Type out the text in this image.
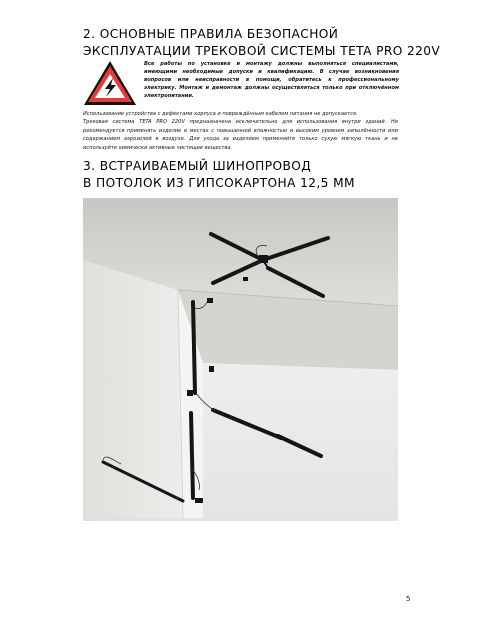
2. ОСНОВНЫЕ ПРАВИЛА БЕЗОПАСНОЙ
ЭКСПЛУАТАЦИИ ТРЕКОВОЙ СИСТЕМЫ TETA PRO 220V
Все работы по установке и монтажу должны выполняться специалистами, имеющими необходимые допуски и квалификацию. В случае возникновения вопросов или неисправности в помощи, обратитесь к профессиональному электрику. Монтаж и демонтаж должны осуществляться только при отключённом электропитании.

Использование устройства с дефектами корпуса и повреждённым кабелем питания не допускается.

Трековая система TETA PRO 220V предназначена исключительно для использования внутри зданий. Не рекомендуется применять изделие в местах с повышенной влажностью и высоким уровнем запылённости или содержанием аэрозолей в воздухе. Для ухода за изделием применяйте только сухую мягкую ткань и не используйте химически активные чистящие вещества.

3. ВСТРАИВАЕМЫЙ ШИНОПРОВОД
В ПОТОЛОК ИЗ ГИПСОКАРТОНА 12,5 ММ
5
